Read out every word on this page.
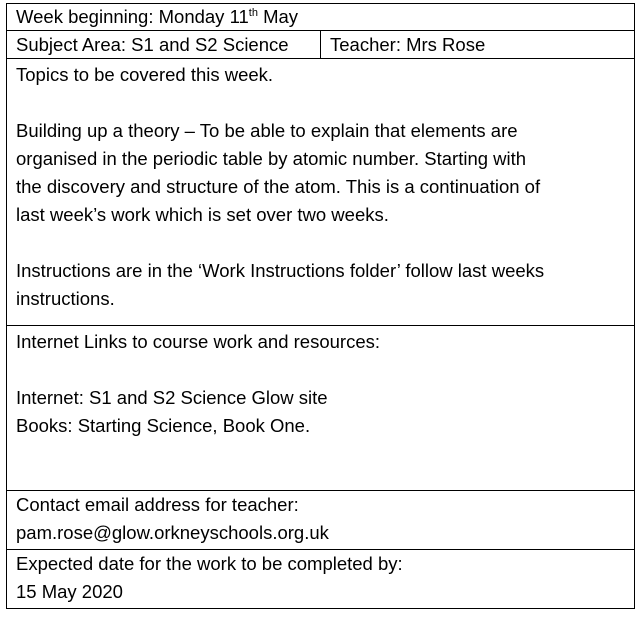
Week beginning: Monday 11th May
Subject Area: S1 and S2 Science	Teacher: Mrs Rose

Topics to be covered this week.
Building up a theory – To be able to explain that elements are
organised in the periodic table by atomic number. Starting with
the discovery and structure of the atom. This is a continuation of
last week’s work which is set over two weeks.
Instructions are in the ‘Work Instructions folder’ follow last weeks
instructions.

Internet Links to course work and resources:
Internet: S1 and S2 Science Glow site
Books: Starting Science, Book One.

Contact email address for teacher:
pam.rose@glow.orkneyschools.org.uk

Expected date for the work to be completed by:
15 May 2020
